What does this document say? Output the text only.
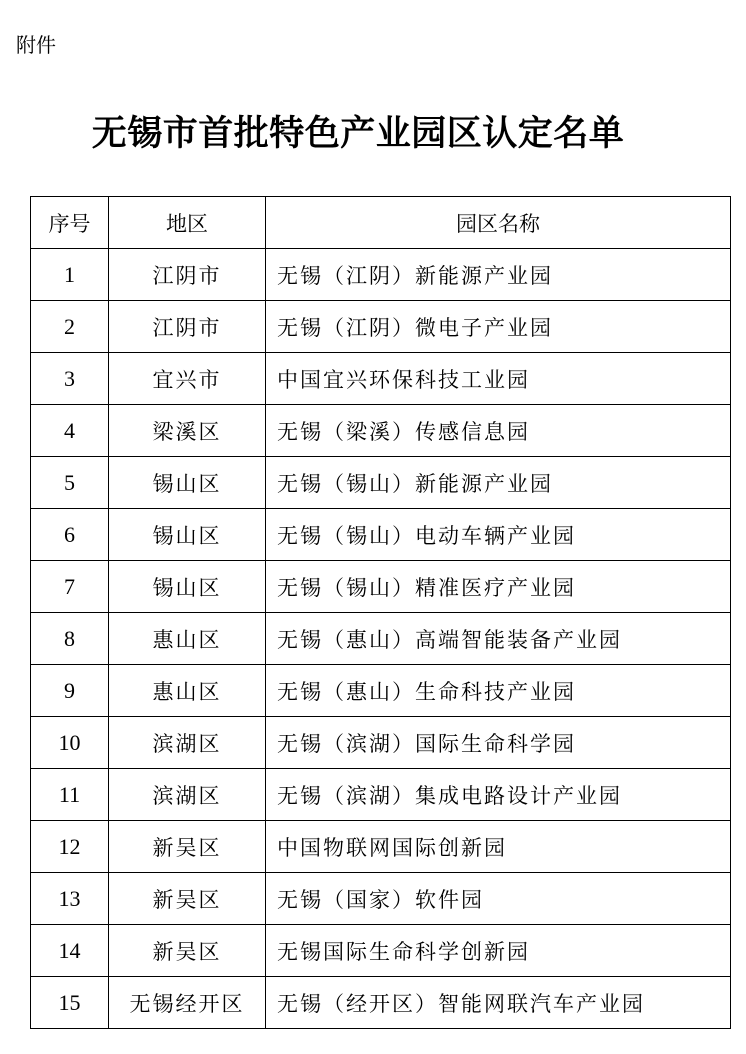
附件
无锡市首批特色产业园区认定名单
序号	地区	园区名称
1	江阴市	无锡（江阴）新能源产业园
2	江阴市	无锡（江阴）微电子产业园
3	宜兴市	中国宜兴环保科技工业园
4	梁溪区	无锡（梁溪）传感信息园
5	锡山区	无锡（锡山）新能源产业园
6	锡山区	无锡（锡山）电动车辆产业园
7	锡山区	无锡（锡山）精准医疗产业园
8	惠山区	无锡（惠山）高端智能装备产业园
9	惠山区	无锡（惠山）生命科技产业园
10	滨湖区	无锡（滨湖）国际生命科学园
11	滨湖区	无锡（滨湖）集成电路设计产业园
12	新吴区	中国物联网国际创新园
13	新吴区	无锡（国家）软件园
14	新吴区	无锡国际生命科学创新园
15	无锡经开区	无锡（经开区）智能网联汽车产业园
